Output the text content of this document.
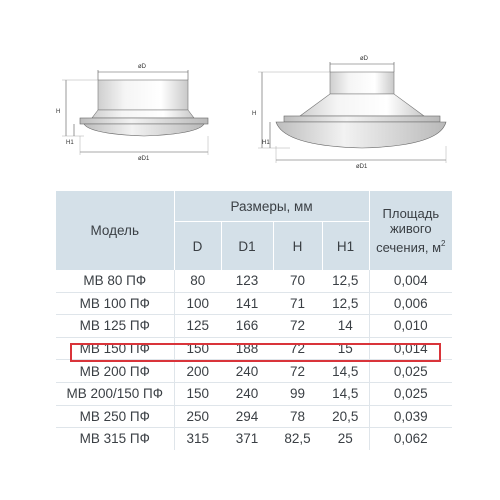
øD
H
H1
øD1
øD
H
H1
øD1
Модель	Размеры, мм				Площадь
живого
сечения, $м^2$
	D	D1	H	H1	
МВ 80 ПФ	80	123	70	12,5	0,004
МВ 100 ПФ	100	141	71	12,5	0,006
МВ 125 ПФ	125	166	72	14	0,010
МВ 150 ПФ	150	188	72	15	0,014
МВ 200 ПФ	200	240	72	14,5	0,025
МВ 200/150 ПФ	150	240	99	14,5	0,025
МВ 250 ПФ	250	294	78	20,5	0,039
МВ 315 ПФ	315	371	82,5	25	0,062
